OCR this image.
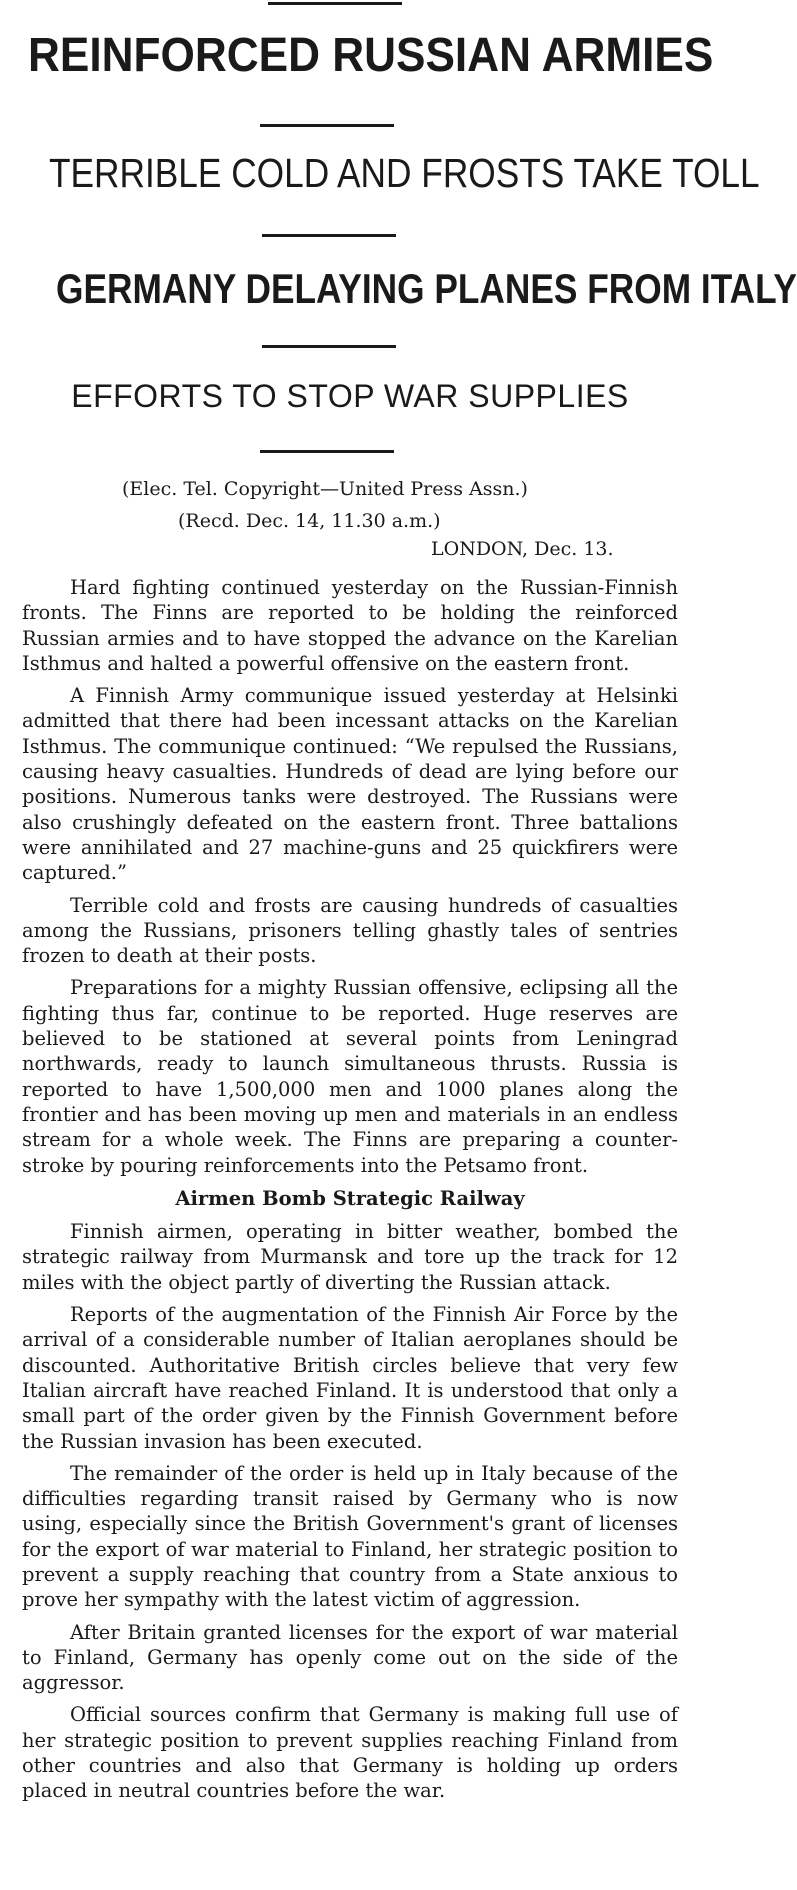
REINFORCED RUSSIAN ARMIES
TERRIBLE COLD AND FROSTS TAKE TOLL
GERMANY DELAYING PLANES FROM ITALY
EFFORTS TO STOP WAR SUPPLIES
(Elec. Tel. Copyright—United Press Assn.)
(Recd. Dec. 14, 11.30 a.m.)
LONDON, Dec. 13.

Hard fighting continued yesterday on the Russian-Finnish fronts. The Finns are reported to be holding the reinforced Russian armies and to have stopped the advance on the Karelian Isthmus and halted a powerful offensive on the eastern front.

A Finnish Army communique issued yesterday at Helsinki admitted that there had been incessant attacks on the Karelian Isthmus. The communique continued: “We repulsed the Russians, causing heavy casualties. Hundreds of dead are lying before our positions. Numerous tanks were destroyed. The Russians were also crushingly defeated on the eastern front. Three battalions were annihilated and 27 machine-guns and 25 quickfirers were captured.”

Terrible cold and frosts are causing hundreds of casualties among the Russians, prisoners telling ghastly tales of sentries frozen to death at their posts.

Preparations for a mighty Russian offensive, eclipsing all the fighting thus far, continue to be reported. Huge reserves are believed to be stationed at several points from Leningrad northwards, ready to launch simultaneous thrusts. Russia is reported to have 1,500,000 men and 1000 planes along the frontier and has been moving up men and materials in an endless stream for a whole week. The Finns are preparing a counter-stroke by pouring reinforcements into the Petsamo front.

Airmen Bomb Strategic Railway

Finnish airmen, operating in bitter weather, bombed the strategic railway from Murmansk and tore up the track for 12 miles with the object partly of diverting the Russian attack.

Reports of the augmentation of the Finnish Air Force by the arrival of a considerable number of Italian aeroplanes should be discounted. Authoritative British circles believe that very few Italian aircraft have reached Finland. It is understood that only a small part of the order given by the Finnish Government before the Russian invasion has been executed.

The remainder of the order is held up in Italy because of the difficulties regarding transit raised by Germany who is now using, especially since the British Government's grant of licenses for the export of war material to Finland, her strategic position to prevent a supply reaching that country from a State anxious to prove her sympathy with the latest victim of aggression.

After Britain granted licenses for the export of war material to Finland, Germany has openly come out on the side of the aggressor.

Official sources confirm that Germany is making full use of her strategic position to prevent supplies reaching Finland from other countries and also that Germany is holding up orders placed in neutral countries before the war.
